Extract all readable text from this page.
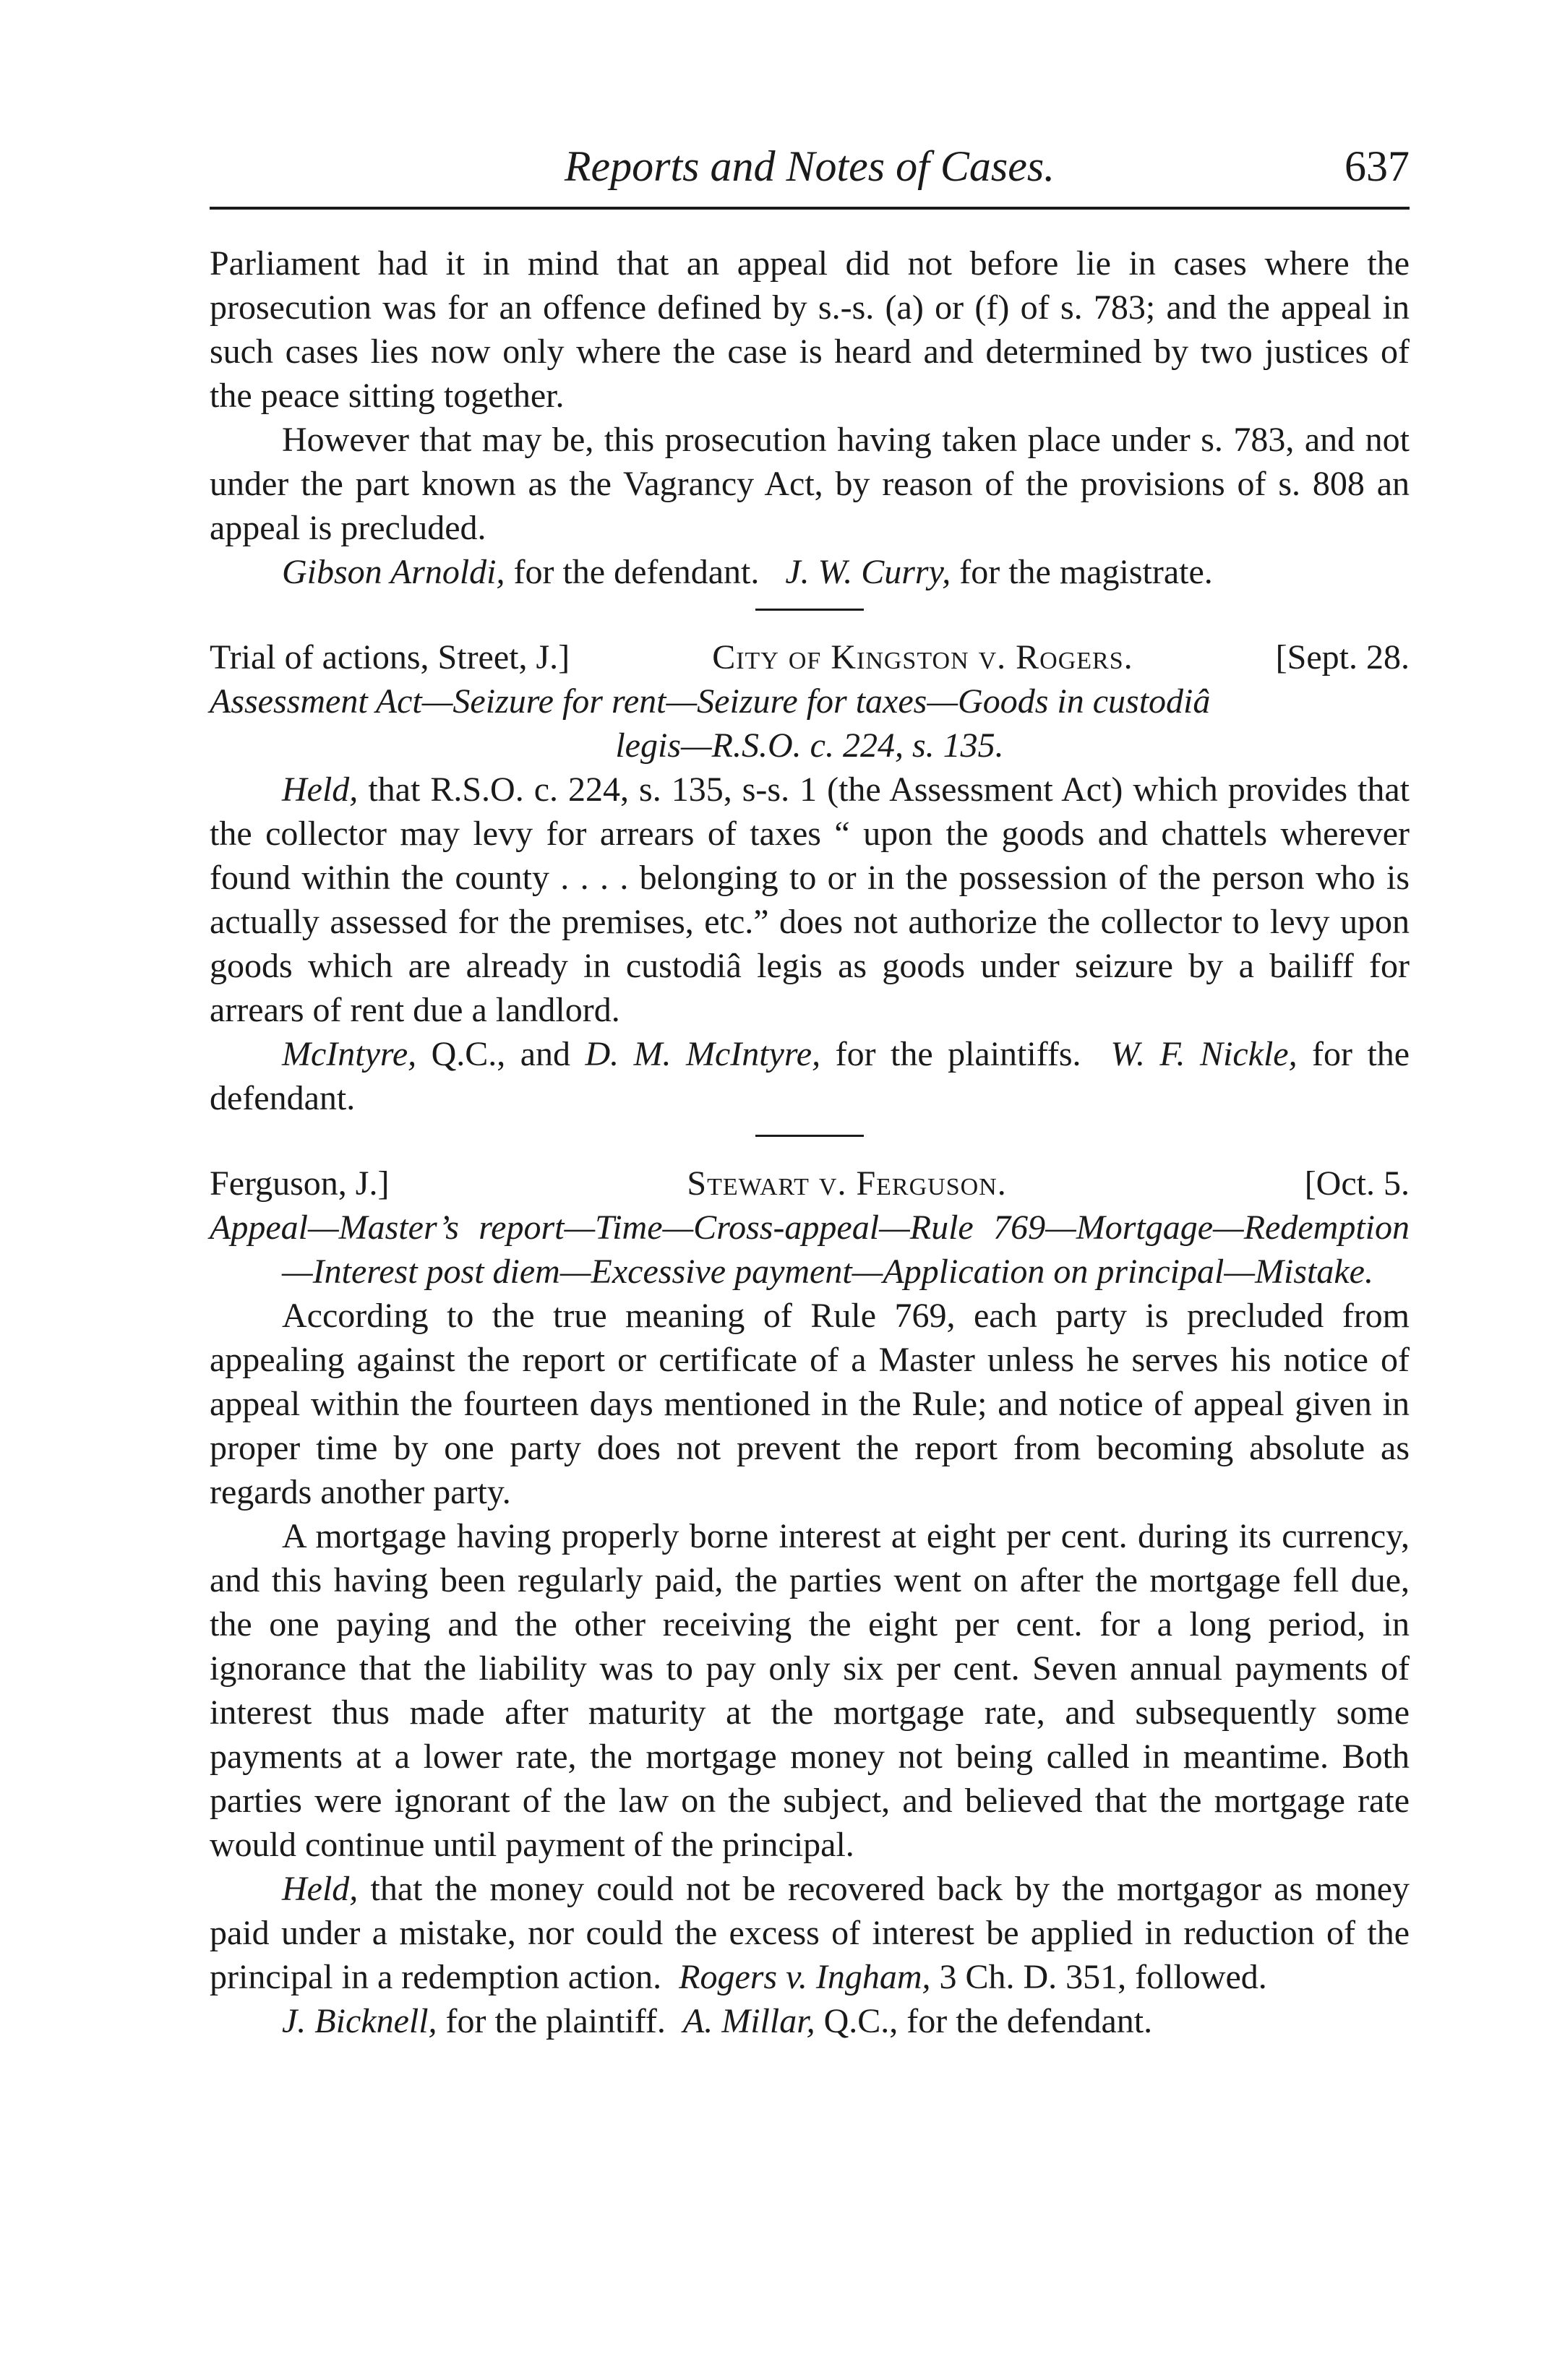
Reports and Notes of Cases.	637

Parliament had it in mind that an appeal did not before lie in cases where the prosecution was for an offence defined by s.-s. (a) or (f) of s. 783; and the appeal in such cases lies now only where the case is heard and determined by two justices of the peace sitting together.

However that may be, this prosecution having taken place under s. 783, and not under the part known as the Vagrancy Act, by reason of the provisions of s. 808 an appeal is precluded.

Gibson Arnoldi, for the defendant. J. W. Curry, for the magistrate.

Trial of actions, Street, J.]	City of Kingston v. Rogers.	[Sept. 28.

Assessment Act—Seizure for rent—Seizure for taxes—Goods in custodiâ

legis—R.S.O. c. 224, s. 135.

Held, that R.S.O. c. 224, s. 135, s-s. 1 (the Assessment Act) which provides that the collector may levy for arrears of taxes “ upon the goods and chattels wherever found within the county . . . . belonging to or in the possession of the person who is actually assessed for the premises, etc.” does not authorize the collector to levy upon goods which are already in custodiâ legis as goods under seizure by a bailiff for arrears of rent due a landlord.

McIntyre, Q.C., and D. M. McIntyre, for the plaintiffs. W. F. Nickle, for the defendant.

Ferguson, J.]	Stewart v. Ferguson.	[Oct. 5.

Appeal—Master’s report—Time—Cross-appeal—Rule 769—Mortgage—Redemption—Interest post diem—Excessive payment—Application on principal—Mistake.

According to the true meaning of Rule 769, each party is precluded from appealing against the report or certificate of a Master unless he serves his notice of appeal within the fourteen days mentioned in the Rule; and notice of appeal given in proper time by one party does not prevent the report from becoming absolute as regards another party.

A mortgage having properly borne interest at eight per cent. during its currency, and this having been regularly paid, the parties went on after the mortgage fell due, the one paying and the other receiving the eight per cent. for a long period, in ignorance that the liability was to pay only six per cent. Seven annual payments of interest thus made after maturity at the mortgage rate, and subsequently some payments at a lower rate, the mortgage money not being called in meantime. Both parties were ignorant of the law on the subject, and believed that the mortgage rate would continue until payment of the principal.

Held, that the money could not be recovered back by the mortgagor as money paid under a mistake, nor could the excess of interest be applied in reduction of the principal in a redemption action. Rogers v. Ingham, 3 Ch. D. 351, followed.

J. Bicknell, for the plaintiff. A. Millar, Q.C., for the defendant.
